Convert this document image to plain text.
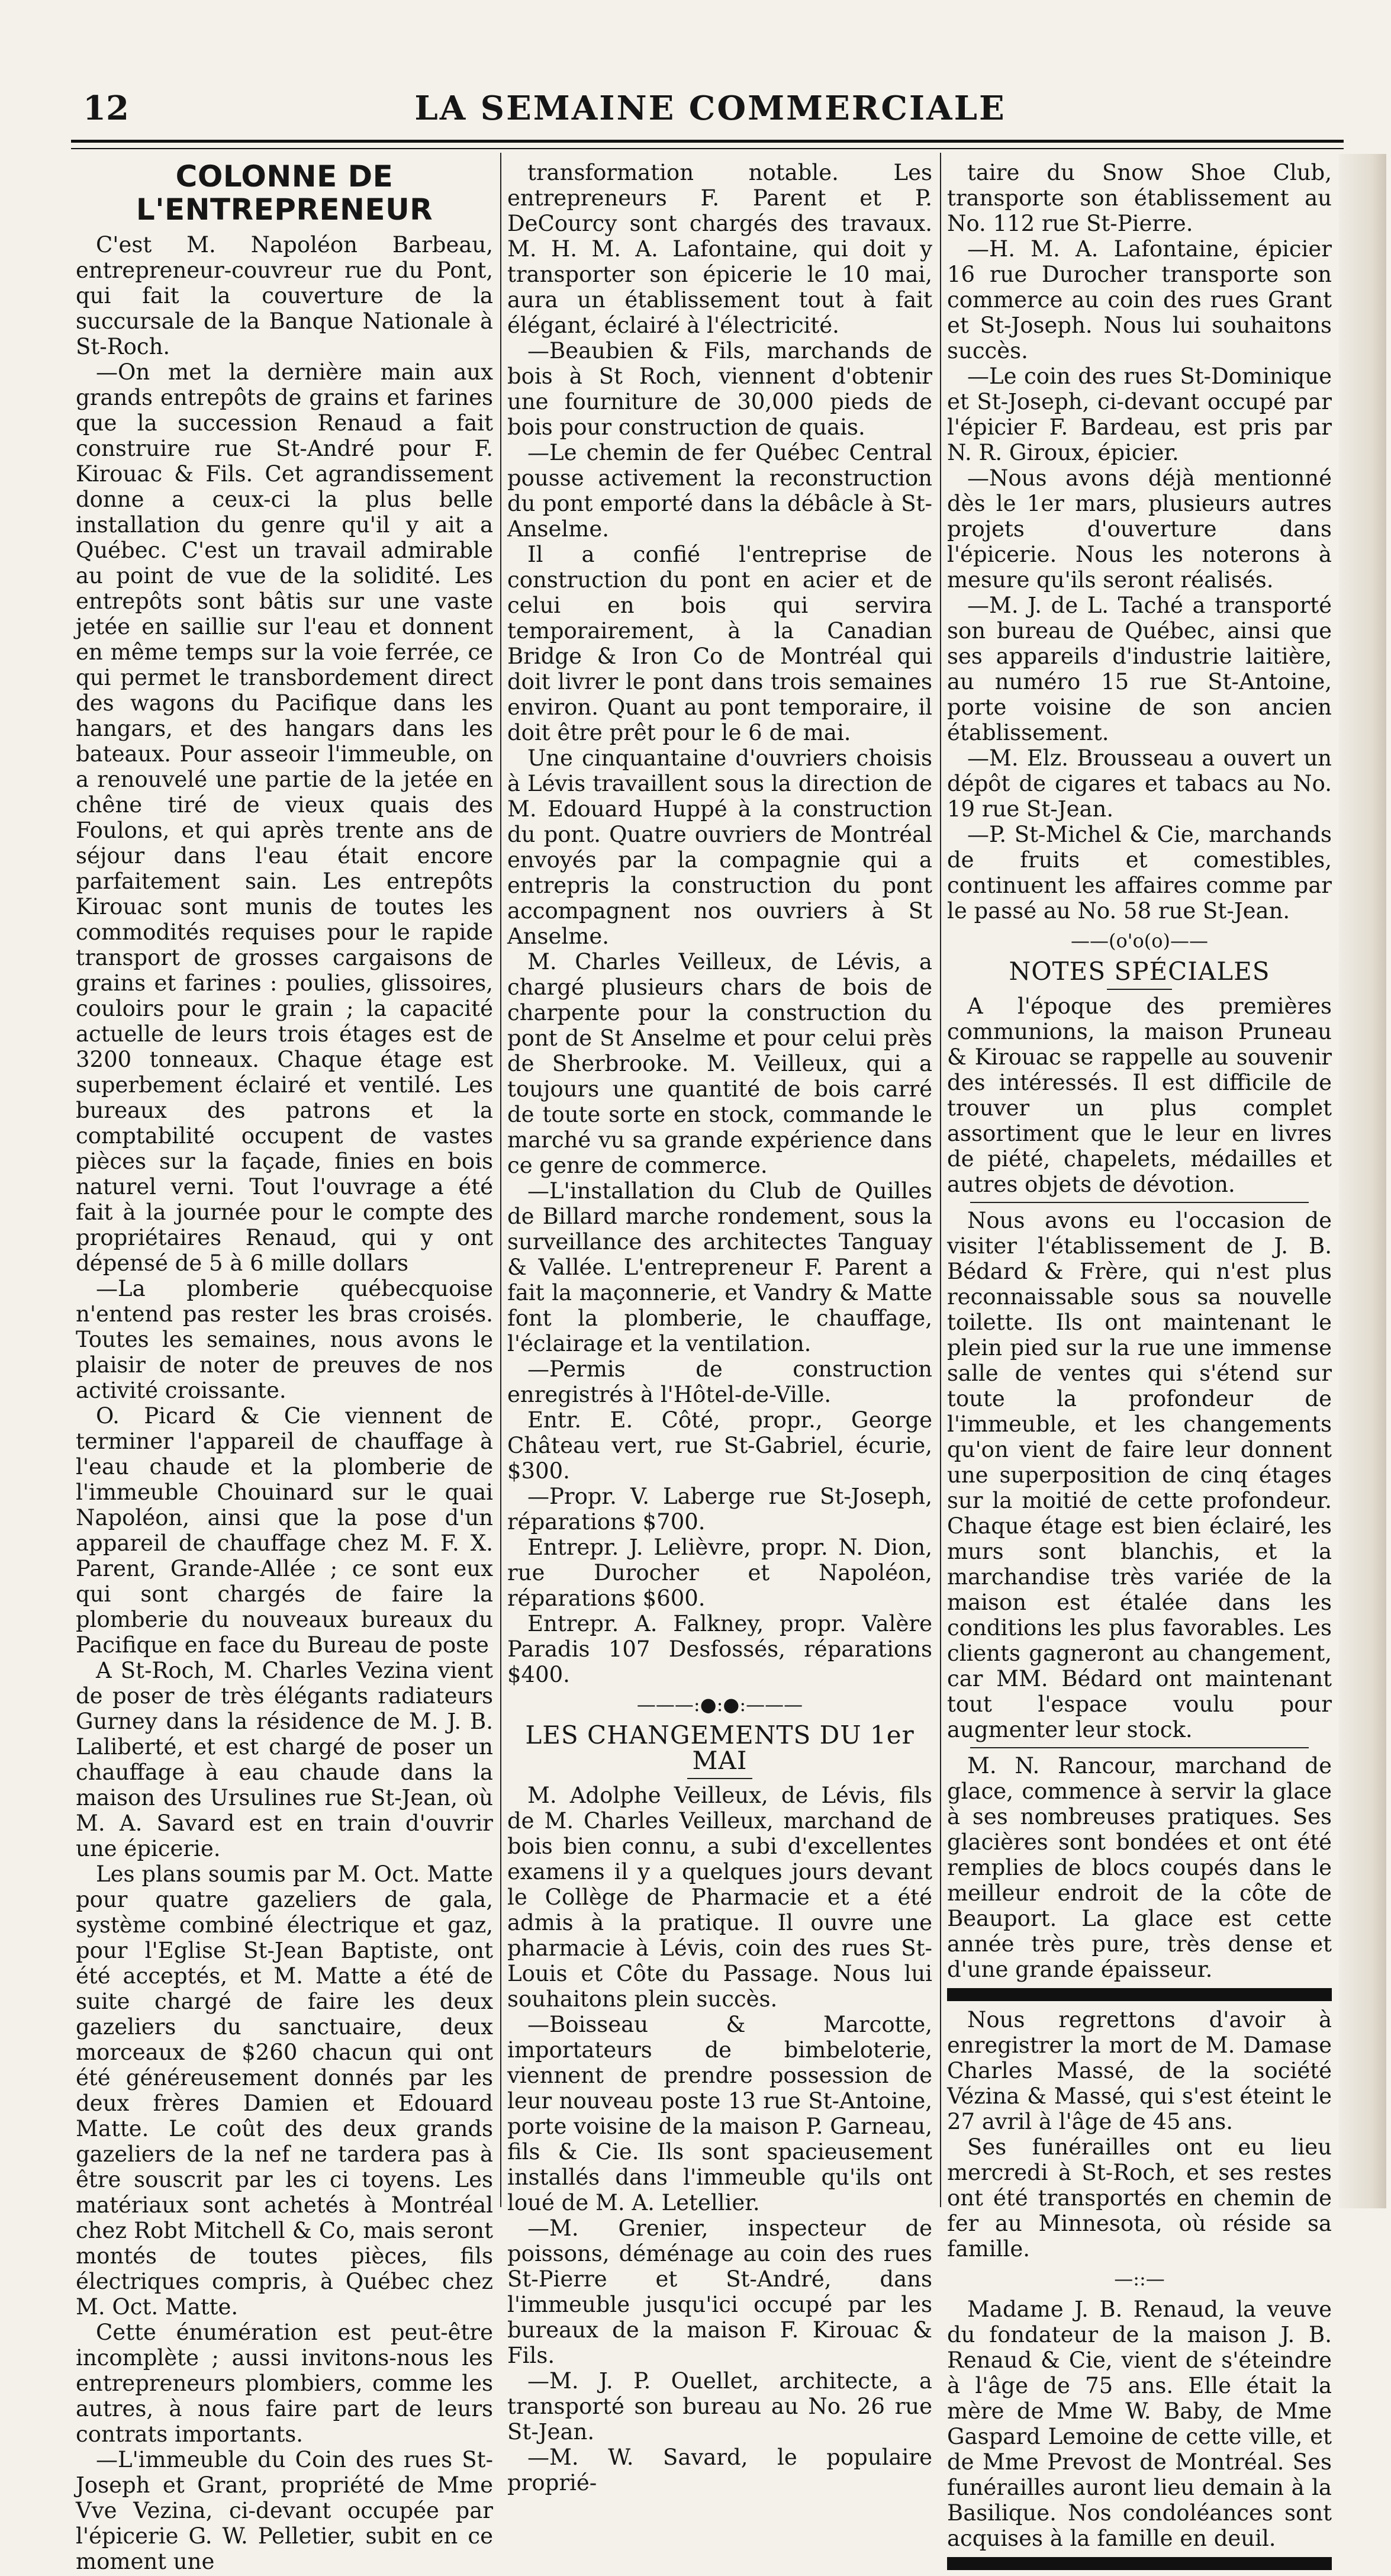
12	LA SEMAINE COMMERCIALE
COLONNE DE L'ENTREPRENEUR

C'est M. Napoléon Barbeau, entrepreneur-couvreur rue du Pont, qui fait la couverture de la succursale de la Banque Nationale à St-Roch.

—On met la dernière main aux grands entrepôts de grains et farines que la succession Renaud a fait construire rue St-André pour F. Kirouac & Fils. Cet agrandissement donne a ceux-ci la plus belle installation du genre qu'il y ait a Québec. C'est un travail admirable au point de vue de la solidité. Les entrepôts sont bâtis sur une vaste jetée en saillie sur l'eau et donnent en même temps sur la voie ferrée, ce qui permet le transbordement direct des wagons du Pacifique dans les hangars, et des hangars dans les bateaux. Pour asseoir l'immeuble, on a renouvelé une partie de la jetée en chêne tiré de vieux quais des Foulons, et qui après trente ans de séjour dans l'eau était encore parfaitement sain. Les entrepôts Kirouac sont munis de toutes les commodités requises pour le rapide transport de grosses cargaisons de grains et farines : poulies, glissoires, couloirs pour le grain ; la capacité actuelle de leurs trois étages est de 3200 tonneaux. Chaque étage est superbement éclairé et ventilé. Les bureaux des patrons et la comptabilité occupent de vastes pièces sur la façade, finies en bois naturel verni. Tout l'ouvrage a été fait à la journée pour le compte des propriétaires Renaud, qui y ont dépensé de 5 à 6 mille dollars

—La plomberie québecquoise n'entend pas rester les bras croisés. Toutes les semaines, nous avons le plaisir de noter de preuves de nos activité croissante.

O. Picard & Cie viennent de terminer l'appareil de chauffage à l'eau chaude et la plomberie de l'immeuble Chouinard sur le quai Napoléon, ainsi que la pose d'un appareil de chauffage chez M. F. X. Parent, Grande-Allée ; ce sont eux qui sont chargés de faire la plomberie du nouveaux bureaux du Pacifique en face du Bureau de poste

A St-Roch, M. Charles Vezina vient de poser de très élégants radiateurs Gurney dans la résidence de M. J. B. Laliberté, et est chargé de poser un chauffage à eau chaude dans la maison des Ursulines rue St-Jean, où M. A. Savard est en train d'ouvrir une épicerie.

Les plans soumis par M. Oct. Matte pour quatre gazeliers de gala, système combiné électrique et gaz, pour l'Eglise St-Jean Baptiste, ont été acceptés, et M. Matte a été de suite chargé de faire les deux gazeliers du sanctuaire, deux morceaux de $260 chacun qui ont été généreusement donnés par les deux frères Damien et Edouard Matte. Le coût des deux grands gazeliers de la nef ne tardera pas à être souscrit par les ci toyens. Les matériaux sont achetés à Montréal chez Robt Mitchell & Co, mais seront montés de toutes pièces, fils électriques compris, à Québec chez M. Oct. Matte.

Cette énumération est peut-être incomplète ; aussi invitons-nous les entrepreneurs plombiers, comme les autres, à nous faire part de leurs contrats importants.

—L'immeuble du Coin des rues St-Joseph et Grant, propriété de Mme Vve Vezina, ci-devant occupée par l'épicerie G. W. Pelletier, subit en ce moment une

transformation notable. Les entrepreneurs F. Parent et P. DeCourcy sont chargés des travaux. M. H. M. A. Lafontaine, qui doit y transporter son épicerie le 10 mai, aura un établissement tout à fait élégant, éclairé à l'électricité.

—Beaubien & Fils, marchands de bois à St Roch, viennent d'obtenir une fourniture de 30,000 pieds de bois pour construction de quais.

—Le chemin de fer Québec Central pousse activement la reconstruction du pont emporté dans la débâcle à St-Anselme.

Il a confié l'entreprise de construction du pont en acier et de celui en bois qui servira temporairement, à la Canadian Bridge & Iron Co de Montréal qui doit livrer le pont dans trois semaines environ. Quant au pont temporaire, il doit être prêt pour le 6 de mai.

Une cinquantaine d'ouvriers choisis à Lévis travaillent sous la direction de M. Edouard Huppé à la construction du pont. Quatre ouvriers de Montréal envoyés par la compagnie qui a entrepris la construction du pont accompagnent nos ouvriers à St Anselme.

M. Charles Veilleux, de Lévis, a chargé plusieurs chars de bois de charpente pour la construction du pont de St Anselme et pour celui près de Sherbrooke. M. Veilleux, qui a toujours une quantité de bois carré de toute sorte en stock, commande le marché vu sa grande expérience dans ce genre de commerce.

—L'installation du Club de Quilles de Billard marche rondement, sous la surveillance des architectes Tanguay & Vallée. L'entrepreneur F. Parent a fait la maçonnerie, et Vandry & Matte font la plomberie, le chauffage, l'éclairage et la ventilation.

—Permis de construction enregistrés à l'Hôtel-de-Ville.

Entr. E. Côté, propr., George Château vert, rue St-Gabriel, écurie, $300.

—Propr. V. Laberge rue St-Joseph, réparations $700.

Entrepr. J. Lelièvre, propr. N. Dion, rue Durocher et Napoléon, réparations $600.

Entrepr. A. Falkney, propr. Valère Paradis 107 Desfossés, réparations $400.

———:●:●:———
LES CHANGEMENTS DU 1er MAI

M. Adolphe Veilleux, de Lévis, fils de M. Charles Veilleux, marchand de bois bien connu, a subi d'excellentes examens il y a quelques jours devant le Collège de Pharmacie et a été admis à la pratique. Il ouvre une pharmacie à Lévis, coin des rues St-Louis et Côte du Passage. Nous lui souhaitons plein succès.

—Boisseau & Marcotte, importateurs de bimbeloterie, viennent de prendre possession de leur nouveau poste 13 rue St-Antoine, porte voisine de la maison P. Garneau, fils & Cie. Ils sont spacieusement installés dans l'immeuble qu'ils ont loué de M. A. Letellier.

—M. Grenier, inspecteur de poissons, déménage au coin des rues St-Pierre et St-André, dans l'immeuble jusqu'ici occupé par les bureaux de la maison F. Kirouac & Fils.

—M. J. P. Ouellet, architecte, a transporté son bureau au No. 26 rue St-Jean.

—M. W. Savard, le populaire proprié-

taire du Snow Shoe Club, transporte son établissement au No. 112 rue St-Pierre.

—H. M. A. Lafontaine, épicier 16 rue Durocher transporte son commerce au coin des rues Grant et St-Joseph. Nous lui souhaitons succès.

—Le coin des rues St-Dominique et St-Joseph, ci-devant occupé par l'épicier F. Bardeau, est pris par N. R. Giroux, épicier.

—Nous avons déjà mentionné dès le 1er mars, plusieurs autres projets d'ouverture dans l'épicerie. Nous les noterons à mesure qu'ils seront réalisés.

—M. J. de L. Taché a transporté son bureau de Québec, ainsi que ses appareils d'industrie laitière, au numéro 15 rue St-Antoine, porte voisine de son ancien établissement.

—M. Elz. Brousseau a ouvert un dépôt de cigares et tabacs au No. 19 rue St-Jean.

—P. St-Michel & Cie, marchands de fruits et comestibles, continuent les affaires comme par le passé au No. 58 rue St-Jean.

——(o'o(o)——
NOTES SPÉCIALES

A l'époque des premières communions, la maison Pruneau & Kirouac se rappelle au souvenir des intéressés. Il est difficile de trouver un plus complet assortiment que le leur en livres de piété, chapelets, médailles et autres objets de dévotion.

Nous avons eu l'occasion de visiter l'établissement de J. B. Bédard & Frère, qui n'est plus reconnaissable sous sa nouvelle toilette. Ils ont maintenant le plein pied sur la rue une immense salle de ventes qui s'étend sur toute la profondeur de l'immeuble, et les changements qu'on vient de faire leur donnent une superposition de cinq étages sur la moitié de cette profondeur. Chaque étage est bien éclairé, les murs sont blanchis, et la marchandise très variée de la maison est étalée dans les conditions les plus favorables. Les clients gagneront au changement, car MM. Bédard ont maintenant tout l'espace voulu pour augmenter leur stock.

M. N. Rancour, marchand de glace, commence à servir la glace à ses nombreuses pratiques. Ses glacières sont bondées et ont été remplies de blocs coupés dans le meilleur endroit de la côte de Beauport. La glace est cette année très pure, très dense et d'une grande épaisseur.

Nous regrettons d'avoir à enregistrer la mort de M. Damase Charles Massé, de la société Vézina & Massé, qui s'est éteint le 27 avril à l'âge de 45 ans.

Ses funérailles ont eu lieu mercredi à St-Roch, et ses restes ont été transportés en chemin de fer au Minnesota, où réside sa famille.

—::—

Madame J. B. Renaud, la veuve du fondateur de la maison J. B. Renaud & Cie, vient de s'éteindre à l'âge de 75 ans. Elle était la mère de Mme W. Baby, de Mme Gaspard Lemoine de cette ville, et de Mme Prevost de Montréal. Ses funérailles auront lieu demain à la Basilique. Nos condoléances sont acquises à la famille en deuil.
